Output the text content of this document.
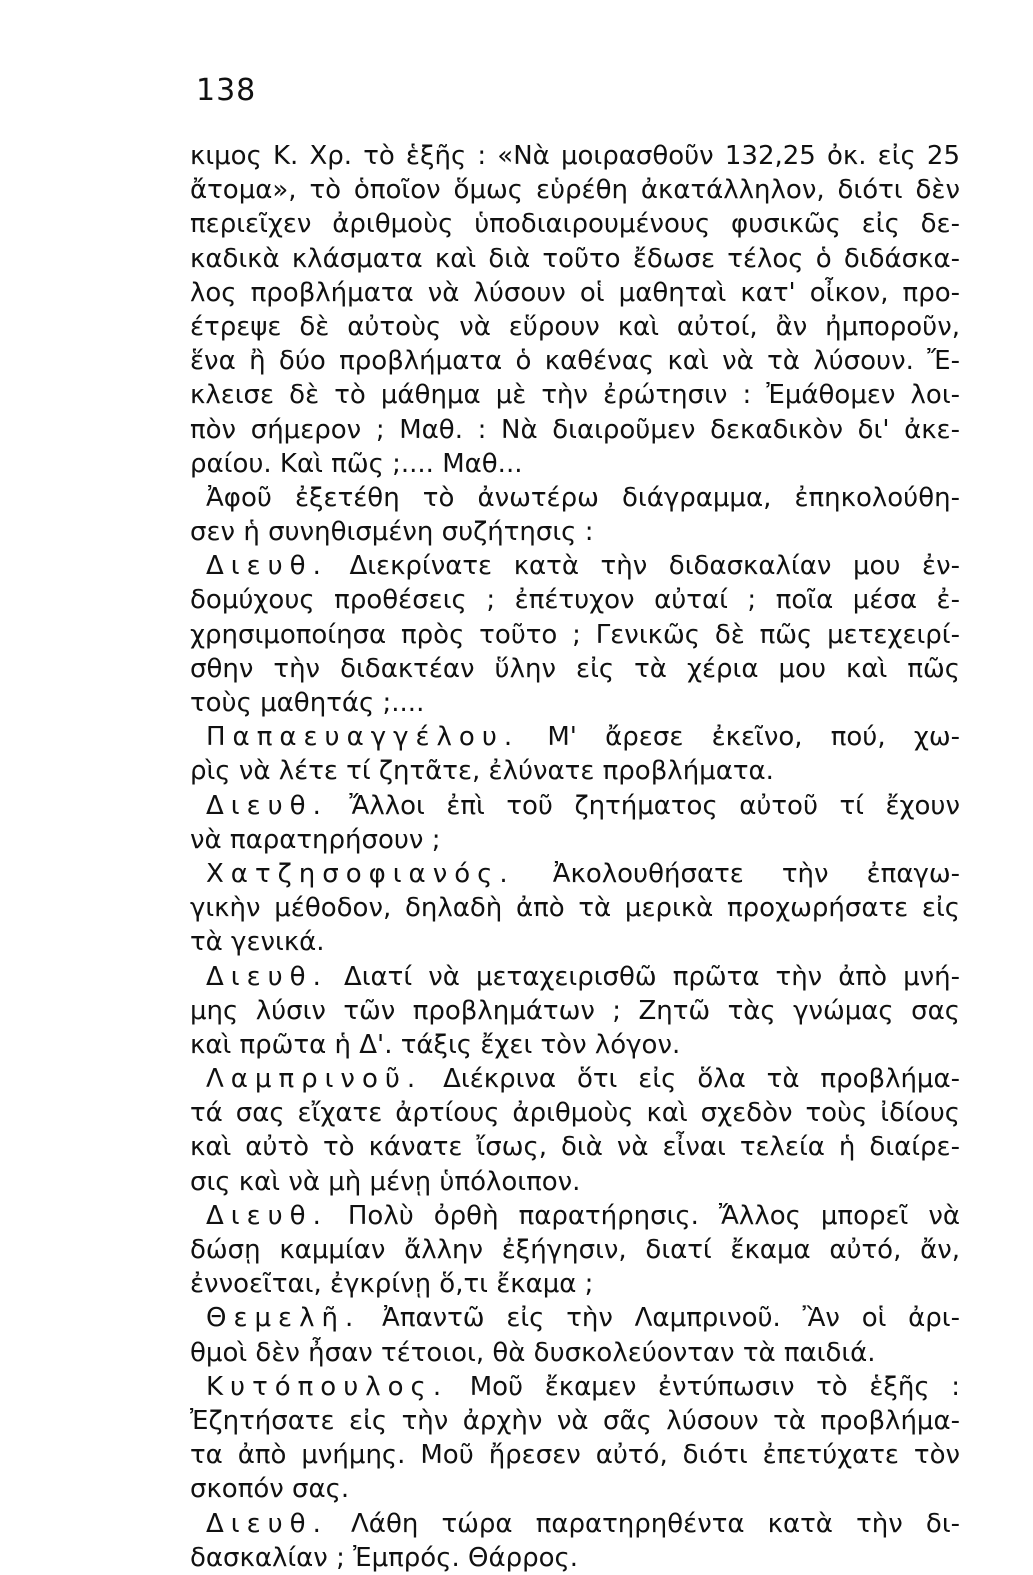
138
κιμος Κ. Χρ. τὸ ἑξῆς : «Νὰ μοιρασθοῦν 132,25 ὀκ. εἰς 25
ἄτομα», τὸ ὁποῖον ὅμως εὑρέθη ἀκατάλληλον, διότι δὲν
περιεῖχεν ἀριθμοὺς ὑποδιαιρουμένους φυσικῶς εἰς δε-
καδικὰ κλάσματα καὶ διὰ τοῦτο ἔδωσε τέλος ὁ διδάσκα-
λος προβλήματα νὰ λύσουν οἱ μαθηταὶ κατ' οἶκον, προ-
έτρεψε δὲ αὐτοὺς νὰ εὕρουν καὶ αὐτοί, ἂν ἠμποροῦν,
ἕνα ἢ δύο προβλήματα ὁ καθένας καὶ νὰ τὰ λύσουν. Ἔ-
κλεισε δὲ τὸ μάθημα μὲ τὴν ἐρώτησιν : Ἐμάθομεν λοι-
πὸν σήμερον ; Μαθ. : Νὰ διαιροῦμεν δεκαδικὸν δι' ἀκε-
ραίου. Καὶ πῶς ;.... Μαθ...
Ἀφοῦ ἐξετέθη τὸ ἀνωτέρω διάγραμμα, ἐπηκολούθη-
σεν ἡ συνηθισμένη συζήτησις :
Διευθ. Διεκρίνατε κατὰ τὴν διδασκαλίαν μου ἐν-
δομύχους προθέσεις ; ἐπέτυχον αὐταί ; ποῖα μέσα ἐ-
χρησιμοποίησα πρὸς τοῦτο ; Γενικῶς δὲ πῶς μετεχειρί-
σθην τὴν διδακτέαν ὕλην εἰς τὰ χέρια μου καὶ πῶς
τοὺς μαθητάς ;....
Παπαευαγγέλου. Μ' ἄρεσε ἐκεῖνο, πού, χω-
ρὶς νὰ λέτε τί ζητᾶτε, ἐλύνατε προβλήματα.
Διευθ. Ἄλλοι ἐπὶ τοῦ ζητήματος αὐτοῦ τί ἔχουν
νὰ παρατηρήσουν ;
Χατζησοφιανός. Ἀκολουθήσατε τὴν ἐπαγω-
γικὴν μέθοδον, δηλαδὴ ἀπὸ τὰ μερικὰ προχωρήσατε εἰς
τὰ γενικά.
Διευθ. Διατί νὰ μεταχειρισθῶ πρῶτα τὴν ἀπὸ μνή-
μης λύσιν τῶν προβλημάτων ; Ζητῶ τὰς γνώμας σας
καὶ πρῶτα ἡ Δ'. τάξις ἔχει τὸν λόγον.
Λαμπρινοῦ. Διέκρινα ὅτι εἰς ὅλα τὰ προβλήμα-
τά σας εἴχατε ἀρτίους ἀριθμοὺς καὶ σχεδὸν τοὺς ἰδίους
καὶ αὐτὸ τὸ κάνατε ἴσως, διὰ νὰ εἶναι τελεία ἡ διαίρε-
σις καὶ νὰ μὴ μένῃ ὑπόλοιπον.
Διευθ. Πολὺ ὀρθὴ παρατήρησις. Ἄλλος μπορεῖ νὰ
δώσῃ καμμίαν ἄλλην ἐξήγησιν, διατί ἔκαμα αὐτό, ἄν,
ἐννοεῖται, ἐγκρίνῃ ὅ,τι ἔκαμα ;
Θεμελῆ. Ἀπαντῶ εἰς τὴν Λαμπρινοῦ. Ἂν οἱ ἀρι-
θμοὶ δὲν ἦσαν τέτοιοι, θὰ δυσκολεύονταν τὰ παιδιά.
Κυτόπουλος. Μοῦ ἔκαμεν ἐντύπωσιν τὸ ἑξῆς :
Ἐζητήσατε εἰς τὴν ἀρχὴν νὰ σᾶς λύσουν τὰ προβλήμα-
τα ἀπὸ μνήμης. Μοῦ ἤρεσεν αὐτό, διότι ἐπετύχατε τὸν
σκοπόν σας.
Διευθ. Λάθη τώρα παρατηρηθέντα κατὰ τὴν δι-
δασκαλίαν ; Ἐμπρός. Θάρρος.
